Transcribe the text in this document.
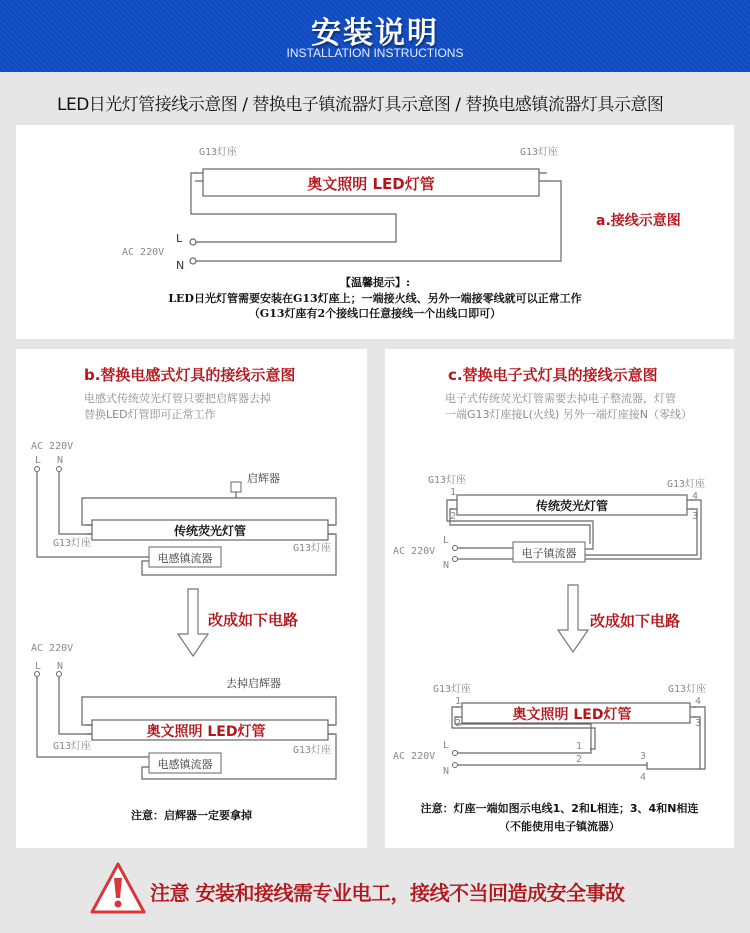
安装说明
INSTALLATION INSTRUCTIONS
LED日光灯管接线示意图 / 替换电子镇流器灯具示意图 / 替换电感镇流器灯具示意图
G13灯座	G13灯座
奥文照明 LED灯管
L
N
AC 220V
a.接线示意图
【温馨提示】:
LED日光灯管需要安装在G13灯座上；一端接火线、另外一端接零线就可以正常工作
（G13灯座有2个接线口任意接线一个出线口即可）
b.替换电感式灯具的接线示意图
电感式传统荧光灯管只要把启辉器去掉
替换LED灯管即可正常工作
AC 220V
L N
启辉器
传统荧光灯管
G13灯座	G13灯座
电感镇流器
改成如下电路
AC 220V
L N
去掉启辉器
奥文照明 LED灯管
G13灯座	G13灯座
电感镇流器
注意：启辉器一定要拿掉
c.替换电子式灯具的接线示意图
电子式传统荧光灯管需要去掉电子整流器，灯管
一端G13灯座接L(火线) 另外一端灯座接N（零线）
G13灯座	G13灯座
1
2	3
4
传统荧光灯管
电子镇流器
L
N
AC 220V
改成如下电路
G13灯座	G13灯座
1
2	3
4
奥文照明 LED灯管
1
2	3
4
L
N
AC 220V
注意：灯座一端如图示电线1、2和L相连；3、4和N相连
（不能使用电子镇流器）
注意 安装和接线需专业电工，接线不当回造成安全事故
